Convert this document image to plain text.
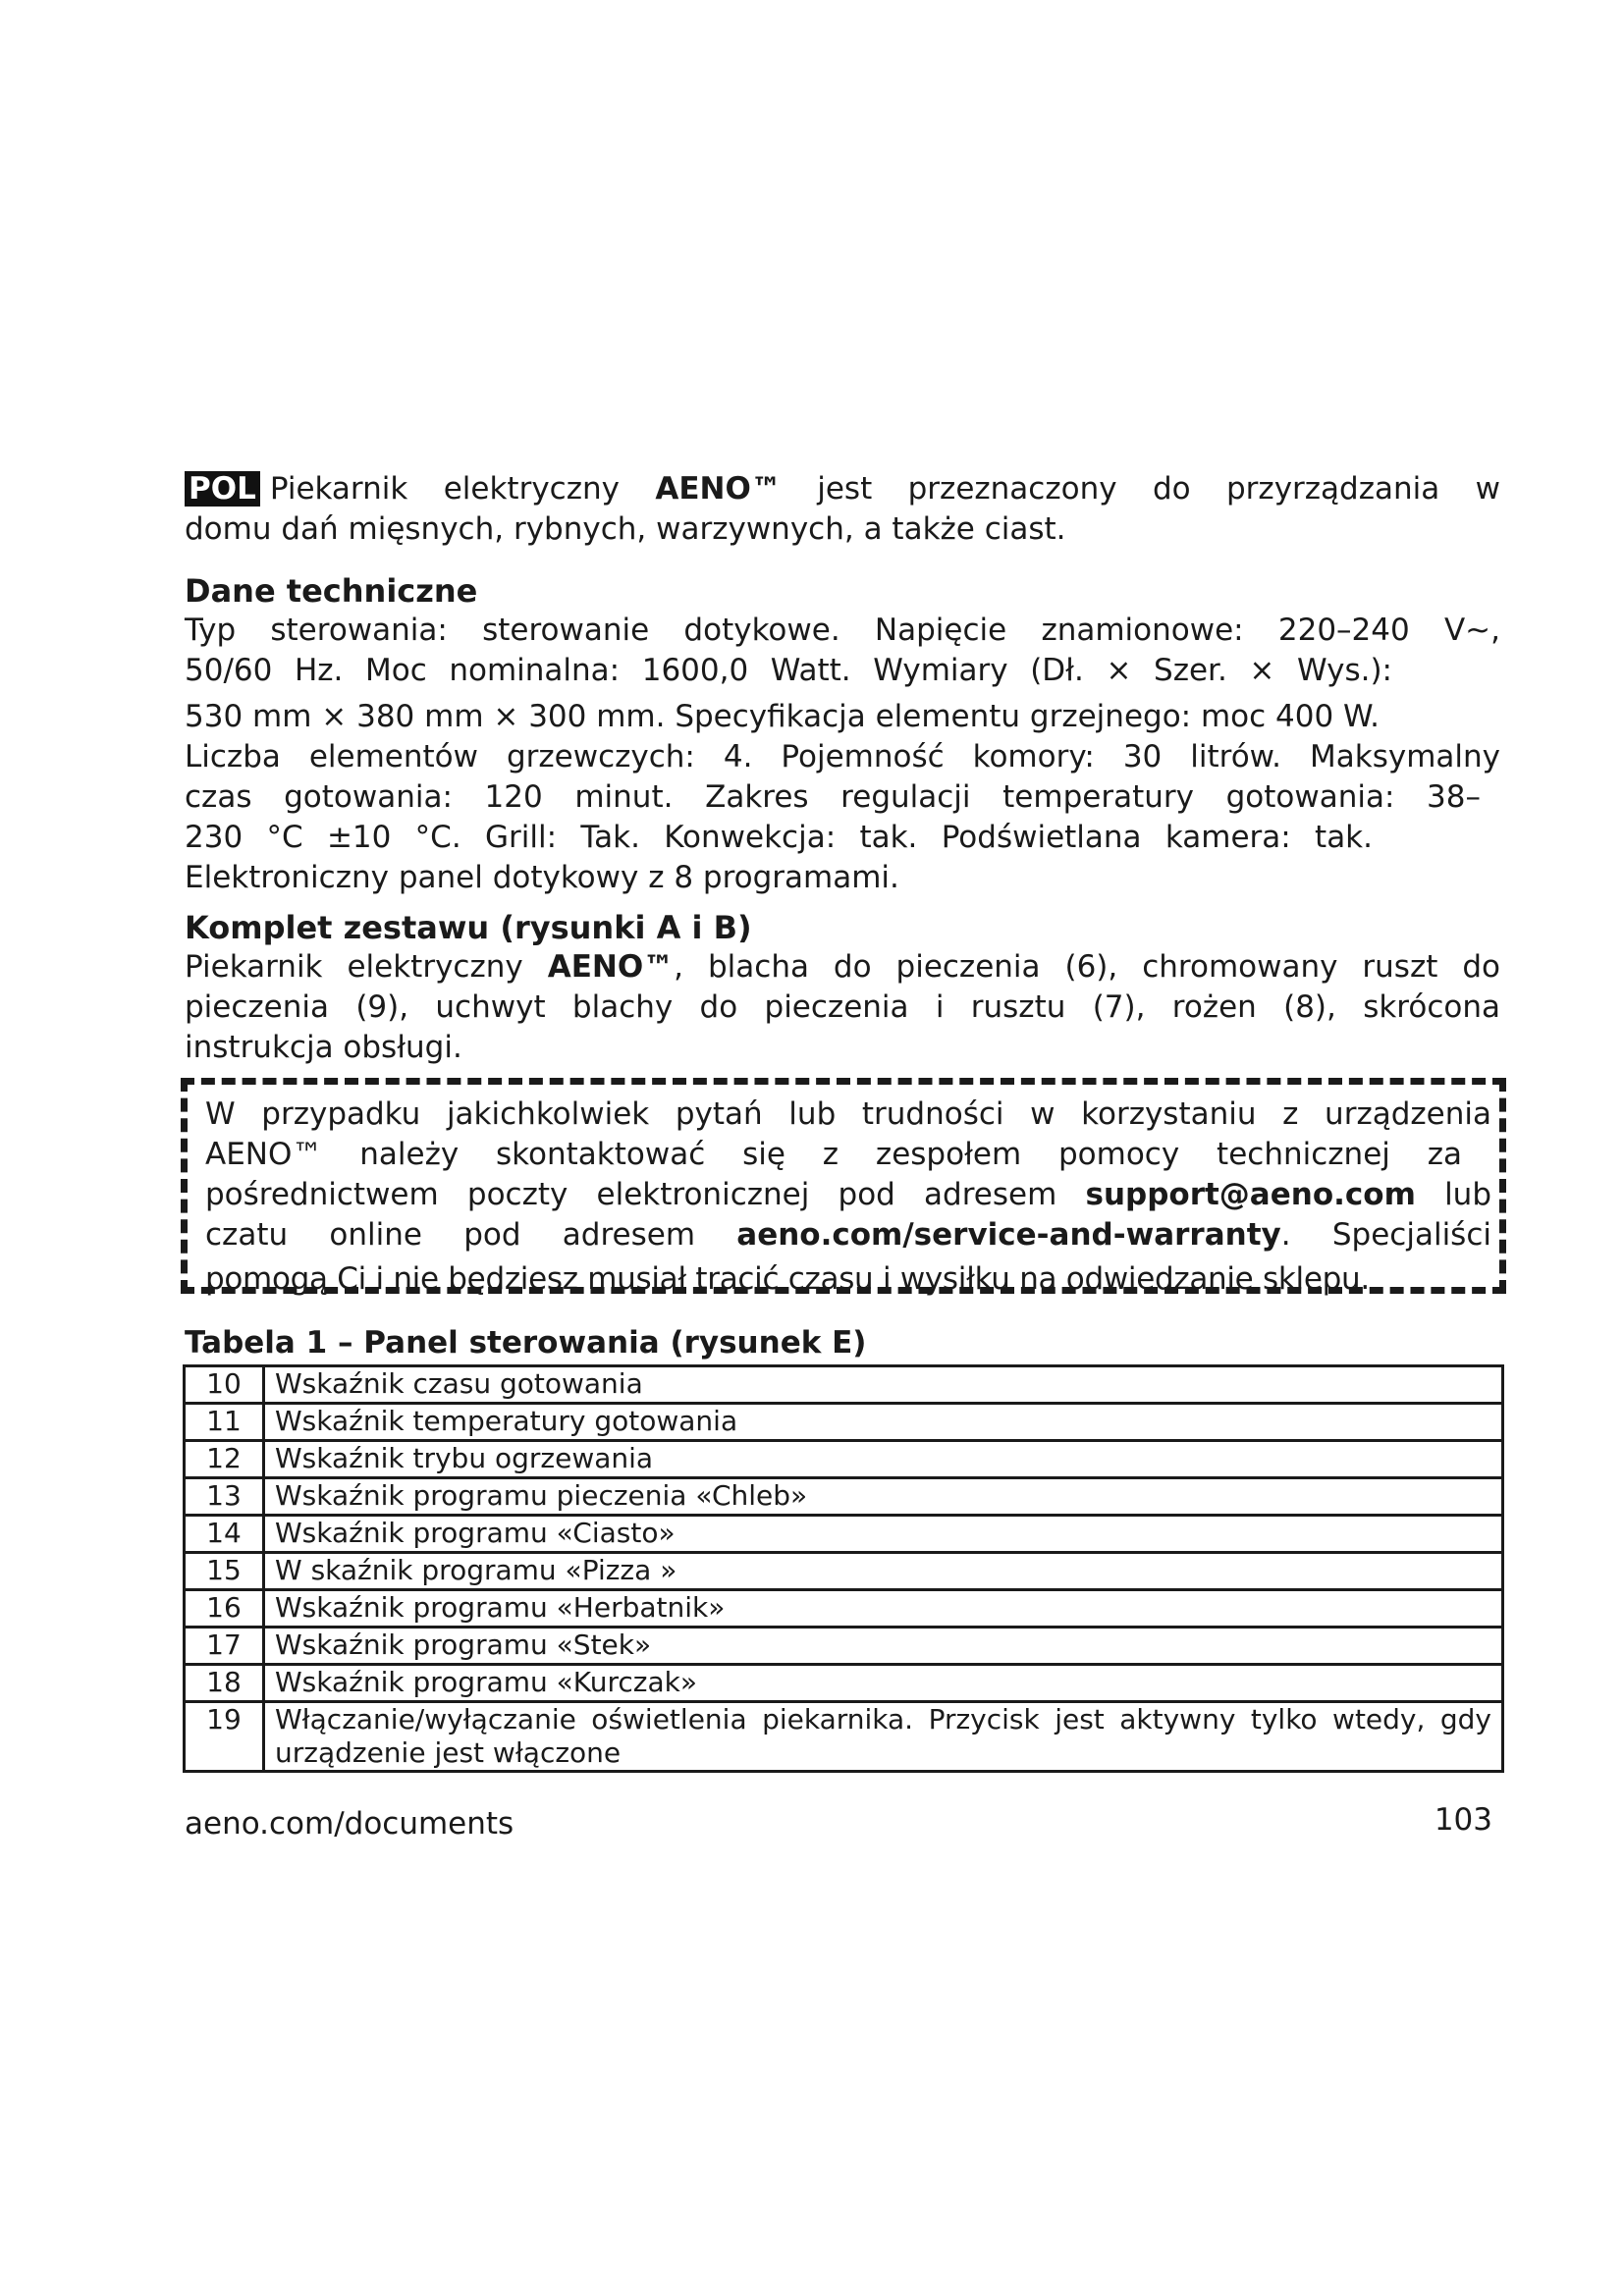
POL Piekarnik elektryczny AENO™ jest przeznaczony do przyrządzania w
domu dań mięsnych, rybnych, warzywnych, a także ciast.

Dane techniczne

Typ sterowania: sterowanie dotykowe. Napięcie znamionowe: 220–240 V~,
50/60 Hz. Moc nominalna: 1600,0 Watt. Wymiary (Dł. × Szer. × Wys.):
530 mm × 380 mm × 300 mm. Specyfikacja elementu grzejnego: moc 400 W.
Liczba elementów grzewczych: 4. Pojemność komory: 30 litrów. Maksymalny
czas gotowania: 120 minut. Zakres regulacji temperatury gotowania: 38–
230 °C ±10 °C. Grill: Tak. Konwekcja: tak. Podświetlana kamera: tak.
Elektroniczny panel dotykowy z 8 programami.

Komplet zestawu (rysunki A i B)

Piekarnik elektryczny AENO™, blacha do pieczenia (6), chromowany ruszt do
pieczenia (9), uchwyt blachy do pieczenia i rusztu (7), rożen (8), skrócona
instrukcja obsługi.

W przypadku jakichkolwiek pytań lub trudności w korzystaniu z urządzenia
AENO™ należy skontaktować się z zespołem pomocy technicznej za
pośrednictwem poczty elektronicznej pod adresem support@aeno.com lub
czatu online pod adresem aeno.com/service-and-warranty. Specjaliści
pomogą Ci i nie będziesz musiał tracić czasu i wysiłku na odwiedzanie sklepu.

Tabela 1 – Panel sterowania (rysunek E)

10	Wskaźnik czasu gotowania
11	Wskaźnik temperatury gotowania
12	Wskaźnik trybu ogrzewania
13	Wskaźnik programu pieczenia «Chleb»
14	Wskaźnik programu «Ciasto»
15	W skaźnik programu «Pizza »
16	Wskaźnik programu «Herbatnik»
17	Wskaźnik programu «Stek»
18	Wskaźnik programu «Kurczak»
19	Włączanie/wyłączanie oświetlenia piekarnika. Przycisk jest aktywny tylko wtedy, gdy urządzenie jest włączone

aeno.com/documents	103
